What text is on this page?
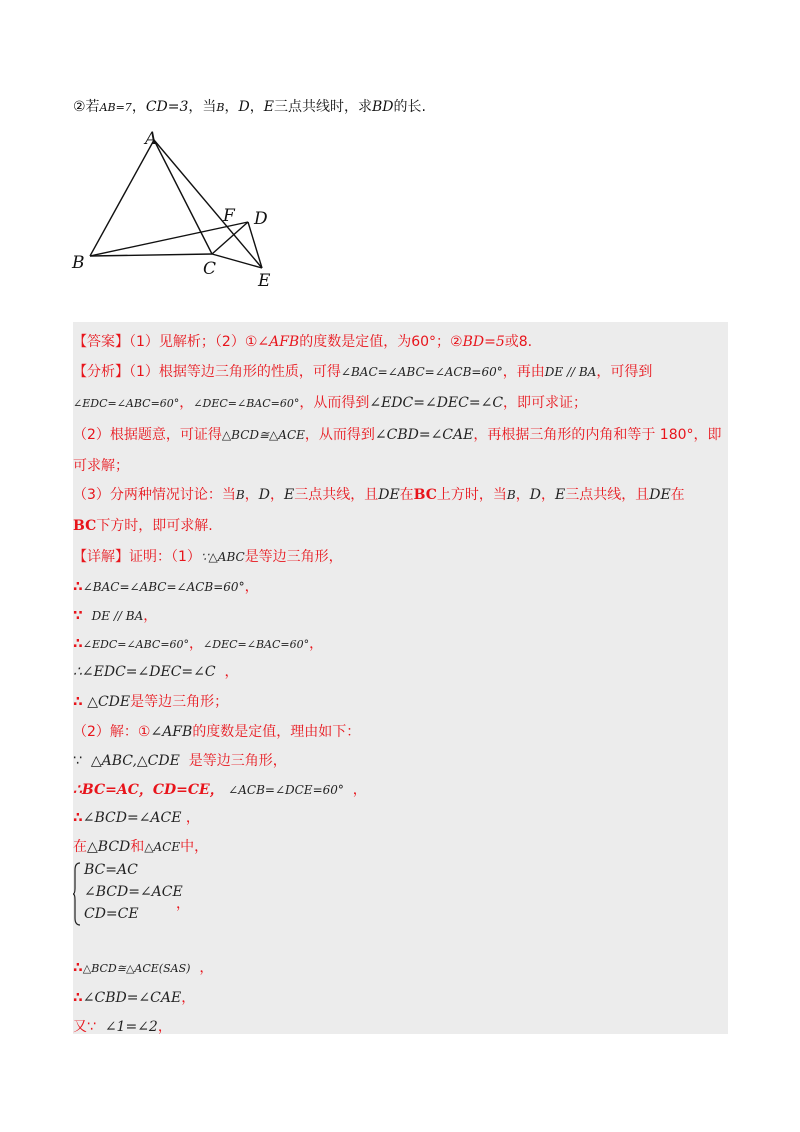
②若AB=7，CD=3，当B，D，E三点共线时，求BD的长.
A
B	C
D
E
F
【答案】（1）见解析；（2）①∠AFB的度数是定值，为60°；②BD=5或8.
【分析】（1）根据等边三角形的性质，可得∠BAC=∠ABC=∠ACB=60°，再由DE // BA，可得到
∠EDC=∠ABC=60°，∠DEC=∠BAC=60°，从而得到∠EDC=∠DEC=∠C，即可求证；
（2）根据题意，可证得△BCD≅△ACE，从而得到∠CBD=∠CAE，再根据三角形的内角和等于 180°，即
可求解；
（3）分两种情况讨论：当B，D，E三点共线，且DE在BC上方时，当B，D，E三点共线，且DE在
BC下方时，即可求解.
【详解】证明：（1）∵△ABC是等边三角形，
∴∠BAC=∠ABC=∠ACB=60°，
∵ DE // BA，
∴∠EDC=∠ABC=60°，∠DEC=∠BAC=60°，
∴∠EDC=∠DEC=∠C ，
∴ △CDE是等边三角形；
（2）解：①∠AFB的度数是定值，理由如下：
∵ △ABC,△CDE 是等边三角形，
∴BC=AC，CD=CE， ∠ACB=∠DCE=60° ，
∴∠BCD=∠ACE ，
在△BCD和△ACE中，
BC=AC
∠BCD=∠ACE
CD=CE
，
∴△BCD≅△ACE(SAS) ，
∴∠CBD=∠CAE，
又∵ ∠1=∠2，
